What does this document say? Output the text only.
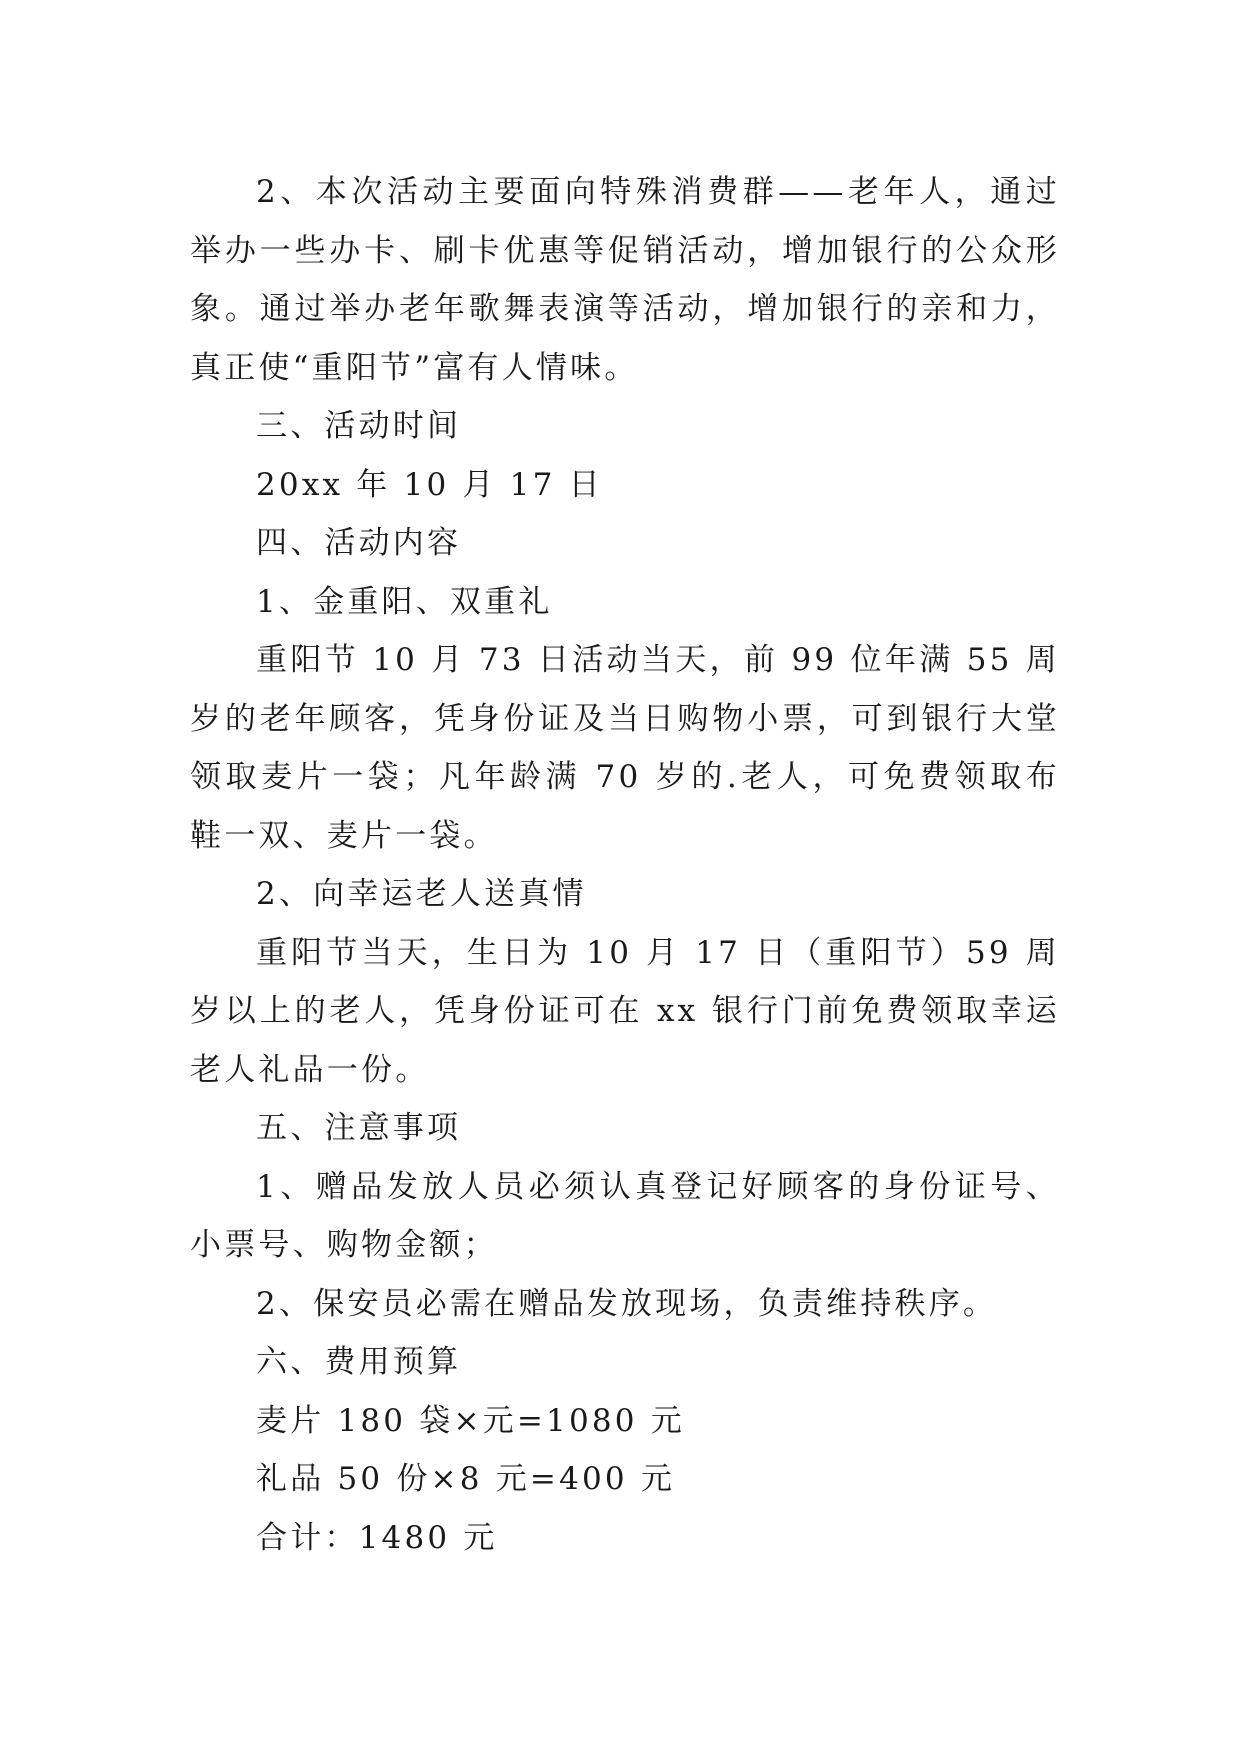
2、本次活动主要面向特殊消费群——老年人，通过举办一些办卡、刷卡优惠等促销活动，增加银行的公众形象。通过举办老年歌舞表演等活动，增加银行的亲和力，真正使“重阳节”富有人情味。

三、活动时间

20xx 年 10 月 17 日

四、活动内容

1、金重阳、双重礼

重阳节 10 月 73 日活动当天，前 99 位年满 55 周岁的老年顾客，凭身份证及当日购物小票，可到银行大堂领取麦片一袋；凡年龄满 70 岁的.老人，可免费领取布鞋一双、麦片一袋。

2、向幸运老人送真情

重阳节当天，生日为 10 月 17 日（重阳节）59 周岁以上的老人，凭身份证可在 xx 银行门前免费领取幸运老人礼品一份。

五、注意事项

1、赠品发放人员必须认真登记好顾客的身份证号、小票号、购物金额；

2、保安员必需在赠品发放现场，负责维持秩序。

六、费用预算

麦片 180 袋×元=1080 元

礼品 50 份×8 元=400 元

合计：1480 元
